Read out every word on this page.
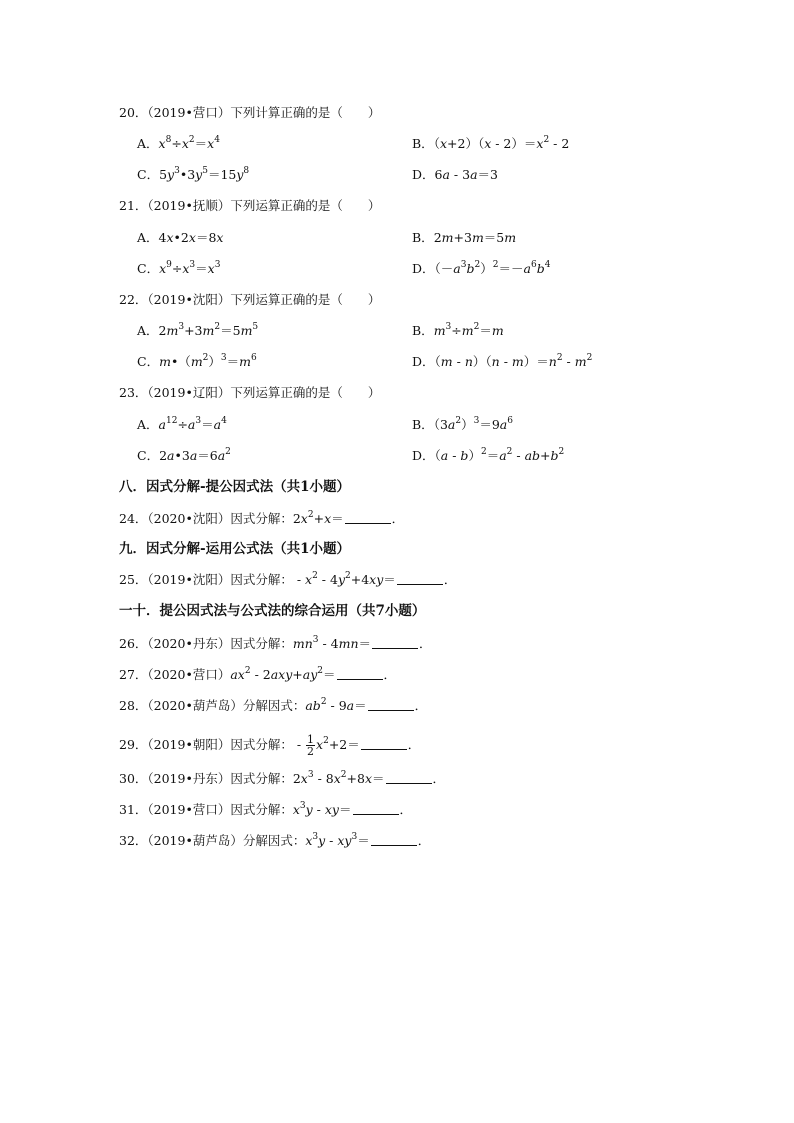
20．（2019•营口）下列计算正确的是（　　）
A．$x^8\div x^2=x^4$	B．$(x+2)(x - 2)=x^2 - 2$
C．$5y^3•3y^5=15y^8$	D．6a - 3a＝3
21．（2019•抚顺）下列运算正确的是（　　）
A．4x•2x＝8x	B．2m+3m＝5m
C．$x^9\div x^3=x^3$	D．$(-a^3b^2)^2=-a^6b^4$
22．（2019•沈阳）下列运算正确的是（　　）
A．$2m^3+3m^2=5m^5$	B．$m^3\div m^2=m$
C．$m•(m^2)^3=m^6$	D．$(m - n)(n - m)=n^2 - m^2$
23．（2019•辽阳）下列运算正确的是（　　）
A．$a^{12}\div a^3=a^4$	B．$(3a^2)^3=9a^6$
C．$2a•3a=6a^2$	D．$(a - b)^2=a^2 - ab+b^2$
八．因式分解-提公因式法（共1小题）
24．（2020•沈阳）因式分解：$2x^2+x=$	．
九．因式分解-运用公式法（共1小题）
25．（2019•沈阳）因式分解： - $x^2 - 4y^2+4xy=$	．
一十．提公因式法与公式法的综合运用（共7小题）
26．（2020•丹东）因式分解：$mn^3 - 4mn=$	．
27．（2020•营口）$ax^2 - 2axy+ay^2=$	．
28．（2020•葫芦岛）分解因式：$ab^2 - 9a=$	．
29．（2019•朝阳）因式分解： - $\frac{1}{2} x^2+2=$	．
30．（2019•丹东）因式分解：$2x^3 - 8x^2+8x=$	．
31．（2019•营口）因式分解：$x^3y - xy=$	．
32．（2019•葫芦岛）分解因式：$x^3y - xy^3=$	．
